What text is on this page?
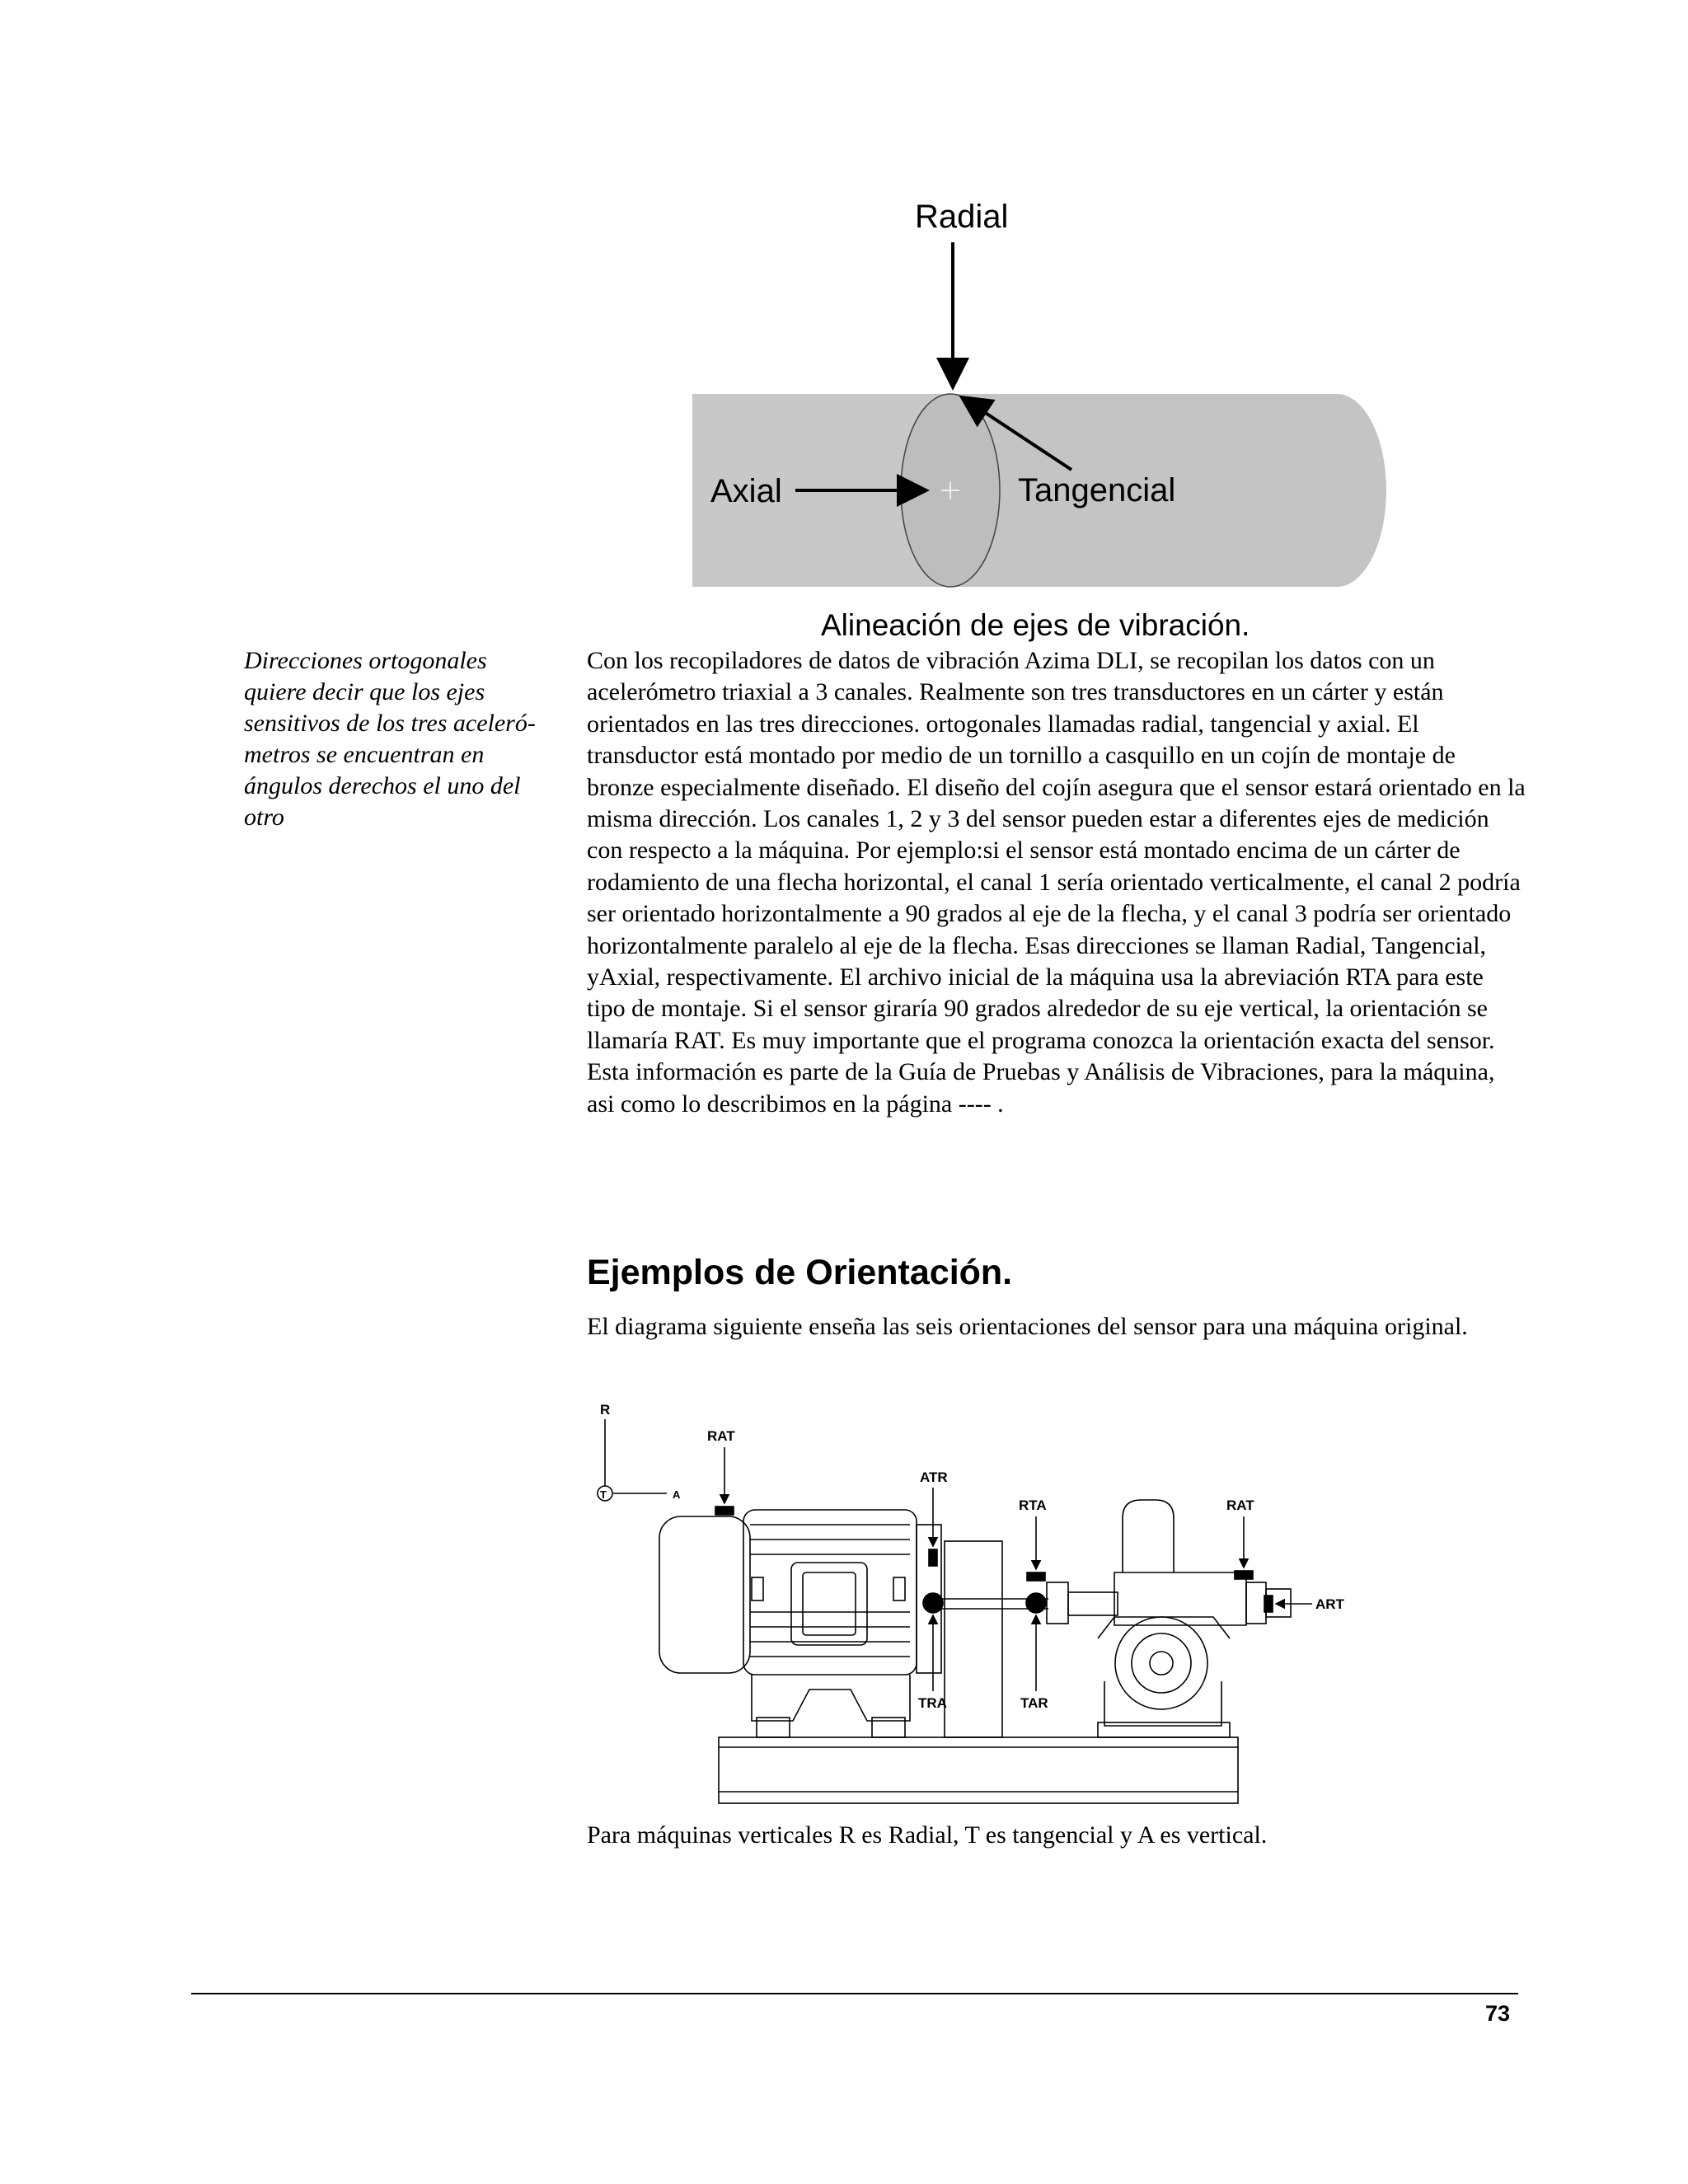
Radial
Axial	Tangencial
Alineación de ejes de vibración.
Direcciones ortogonales quiere decir que los ejes sensitivos de los tres aceleró-metros se encuentran en ángulos derechos el uno del otro

Con los recopiladores de datos de vibración Azima DLI, se recopilan los datos con un acelerómetro triaxial a 3 canales. Realmente son tres transductores en un cárter y están orientados en las tres direcciones. ortogonales llamadas radial, tangencial y axial. El transductor está montado por medio de un tornillo a casquillo en un cojín de montaje de bronze especialmente diseñado. El diseño del cojín asegura que el sensor estará orientado en la misma dirección. Los canales 1, 2 y 3 del sensor pueden estar a diferentes ejes de medición con respecto a la máquina. Por ejemplo:si el sensor está montado encima de un cárter de rodamiento de una flecha horizontal, el canal 1 sería orientado verticalmente, el canal 2 podría ser orientado horizontalmente a 90 grados al eje de la flecha, y el canal 3 podría ser orientado horizontalmente paralelo al eje de la flecha. Esas direcciones se llaman Radial, Tangencial, yAxial, respectivamente. El archivo inicial de la máquina usa la abreviación RTA para este tipo de montaje. Si el sensor giraría 90 grados alrededor de su eje vertical, la orientación se llamaría RAT. Es muy importante que el programa conozca la orientación exacta del sensor. Esta información es parte de la Guía de Pruebas y Análisis de Vibraciones, para la máquina, asi como lo describimos en la página ---- .

Ejemplos de Orientación.
El diagrama siguiente enseña las seis orientaciones del sensor para una máquina original.
R
T	A
RAT
ATR
TRA
RTA
TAR
RAT
ART
Para máquinas verticales R es Radial, T es tangencial y A es vertical.
73
